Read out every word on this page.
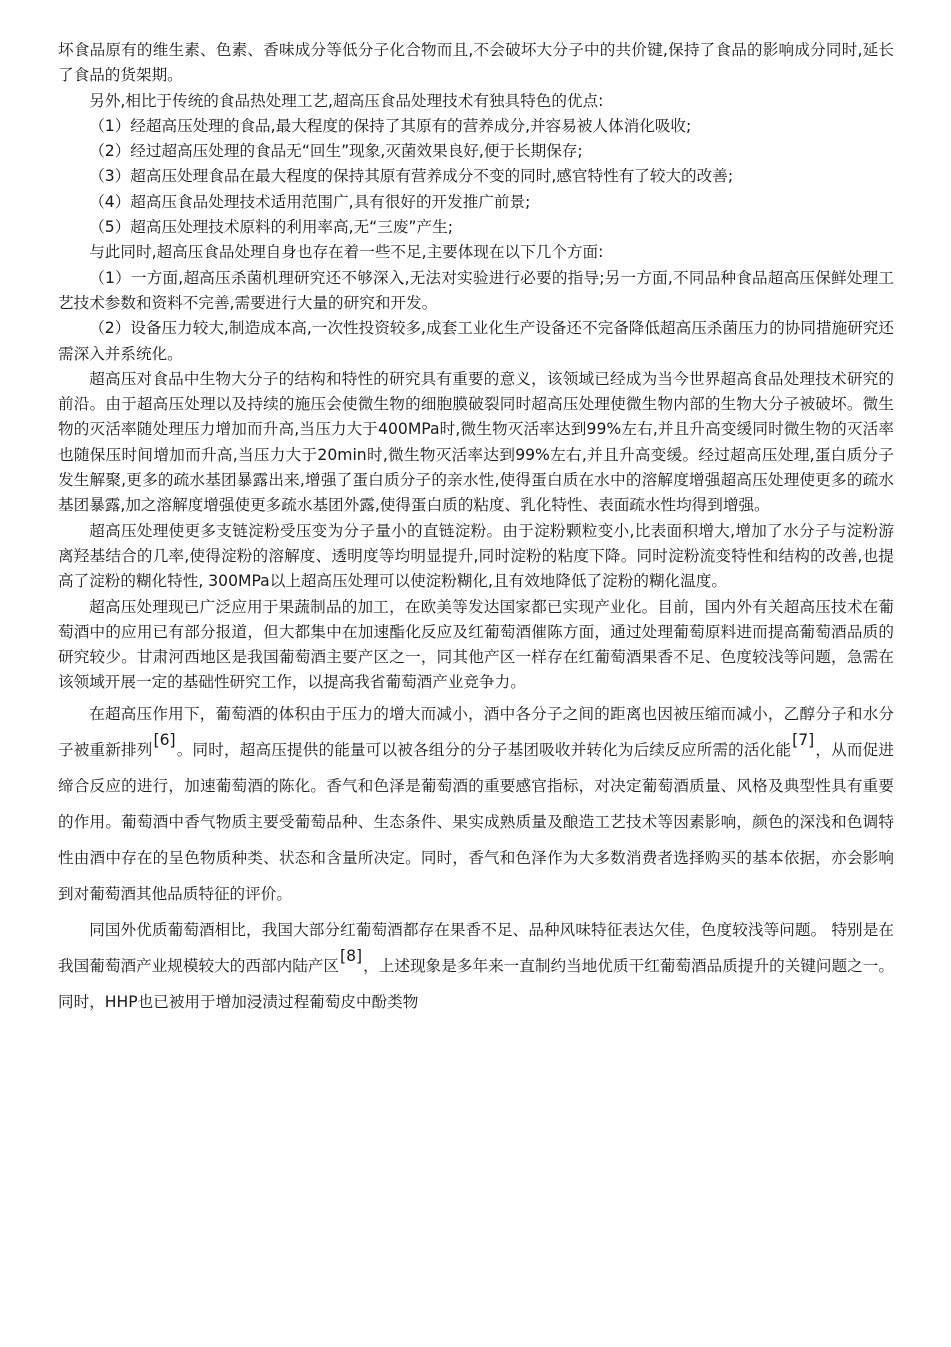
坏食品原有的维生素、色素、香味成分等低分子化合物而且,不会破坏大分子中的共价键,保持了食品的影响成分同时,延长了食品的货架期。

另外,相比于传统的食品热处理工艺,超高压食品处理技术有独具特色的优点:

（1）经超高压处理的食品,最大程度的保持了其原有的营养成分,并容易被人体消化吸收;

（2）经过超高压处理的食品无“回生”现象,灭菌效果良好,便于长期保存;

（3）超高压处理食品在最大程度的保持其原有营养成分不变的同时,感官特性有了较大的改善;

（4）超高压食品处理技术适用范围广,具有很好的开发推广前景;

（5）超高压处理技术原料的利用率高,无“三废”产生;

与此同时,超高压食品处理自身也存在着一些不足,主要体现在以下几个方面:

（1）一方面,超高压杀菌机理研究还不够深入,无法对实验进行必要的指导;另一方面,不同品种食品超高压保鲜处理工艺技术参数和资料不完善,需要进行大量的研究和开发。

（2）设备压力较大,制造成本高,一次性投资较多,成套工业化生产设备还不完备降低超高压杀菌压力的协同措施研究还需深入并系统化。

超高压对食品中生物大分子的结构和特性的研究具有重要的意义，该领域已经成为当今世界超高食品处理技术研究的前沿。由于超高压处理以及持续的施压会使微生物的细胞膜破裂同时超高压处理使微生物内部的生物大分子被破坏。微生物的灭活率随处理压力增加而升高,当压力大于400MPa时,微生物灭活率达到99%左右,并且升高变缓同时微生物的灭活率也随保压时间增加而升高,当压力大于20min时,微生物灭活率达到99%左右,并且升高变缓。经过超高压处理,蛋白质分子发生解聚,更多的疏水基团暴露出来,增强了蛋白质分子的亲水性,使得蛋白质在水中的溶解度增强超高压处理使更多的疏水基团暴露,加之溶解度增强使更多疏水基团外露,使得蛋白质的粘度、乳化特性、表面疏水性均得到增强。

超高压处理使更多支链淀粉受压变为分子量小的直链淀粉。由于淀粉颗粒变小,比表面积增大,增加了水分子与淀粉游离羟基结合的几率,使得淀粉的溶解度、透明度等均明显提升,同时淀粉的粘度下降。同时淀粉流变特性和结构的改善,也提高了淀粉的糊化特性, 300MPa以上超高压处理可以使淀粉糊化,且有效地降低了淀粉的糊化温度。

超高压处理现已广泛应用于果蔬制品的加工，在欧美等发达国家都已实现产业化。目前，国内外有关超高压技术在葡萄酒中的应用已有部分报道，但大都集中在加速酯化反应及红葡萄酒催陈方面，通过处理葡萄原料进而提高葡萄酒品质的研究较少。甘肃河西地区是我国葡萄酒主要产区之一，同其他产区一样存在红葡萄酒果香不足、色度较浅等问题，急需在该领域开展一定的基础性研究工作，以提高我省葡萄酒产业竞争力。

在超高压作用下，葡萄酒的体积由于压力的增大而减小，酒中各分子之间的距离也因被压缩而减小，乙醇分子和水分子被重新排列[6]。同时，超高压提供的能量可以被各组分的分子基团吸收并转化为后续反应所需的活化能[7]，从而促进缔合反应的进行，加速葡萄酒的陈化。香气和色泽是葡萄酒的重要感官指标，对决定葡萄酒质量、风格及典型性具有重要的作用。葡萄酒中香气物质主要受葡萄品种、生态条件、果实成熟质量及酿造工艺技术等因素影响，颜色的深浅和色调特性由酒中存在的呈色物质种类、状态和含量所决定。同时，香气和色泽作为大多数消费者选择购买的基本依据，亦会影响到对葡萄酒其他品质特征的评价。

同国外优质葡萄酒相比，我国大部分红葡萄酒都存在果香不足、品种风味特征表达欠佳，色度较浅等问题。 特别是在我国葡萄酒产业规模较大的西部内陆产区[8]，上述现象是多年来一直制约当地优质干红葡萄酒品质提升的关键问题之一。同时，HHP也已被用于增加浸渍过程葡萄皮中酚类物
